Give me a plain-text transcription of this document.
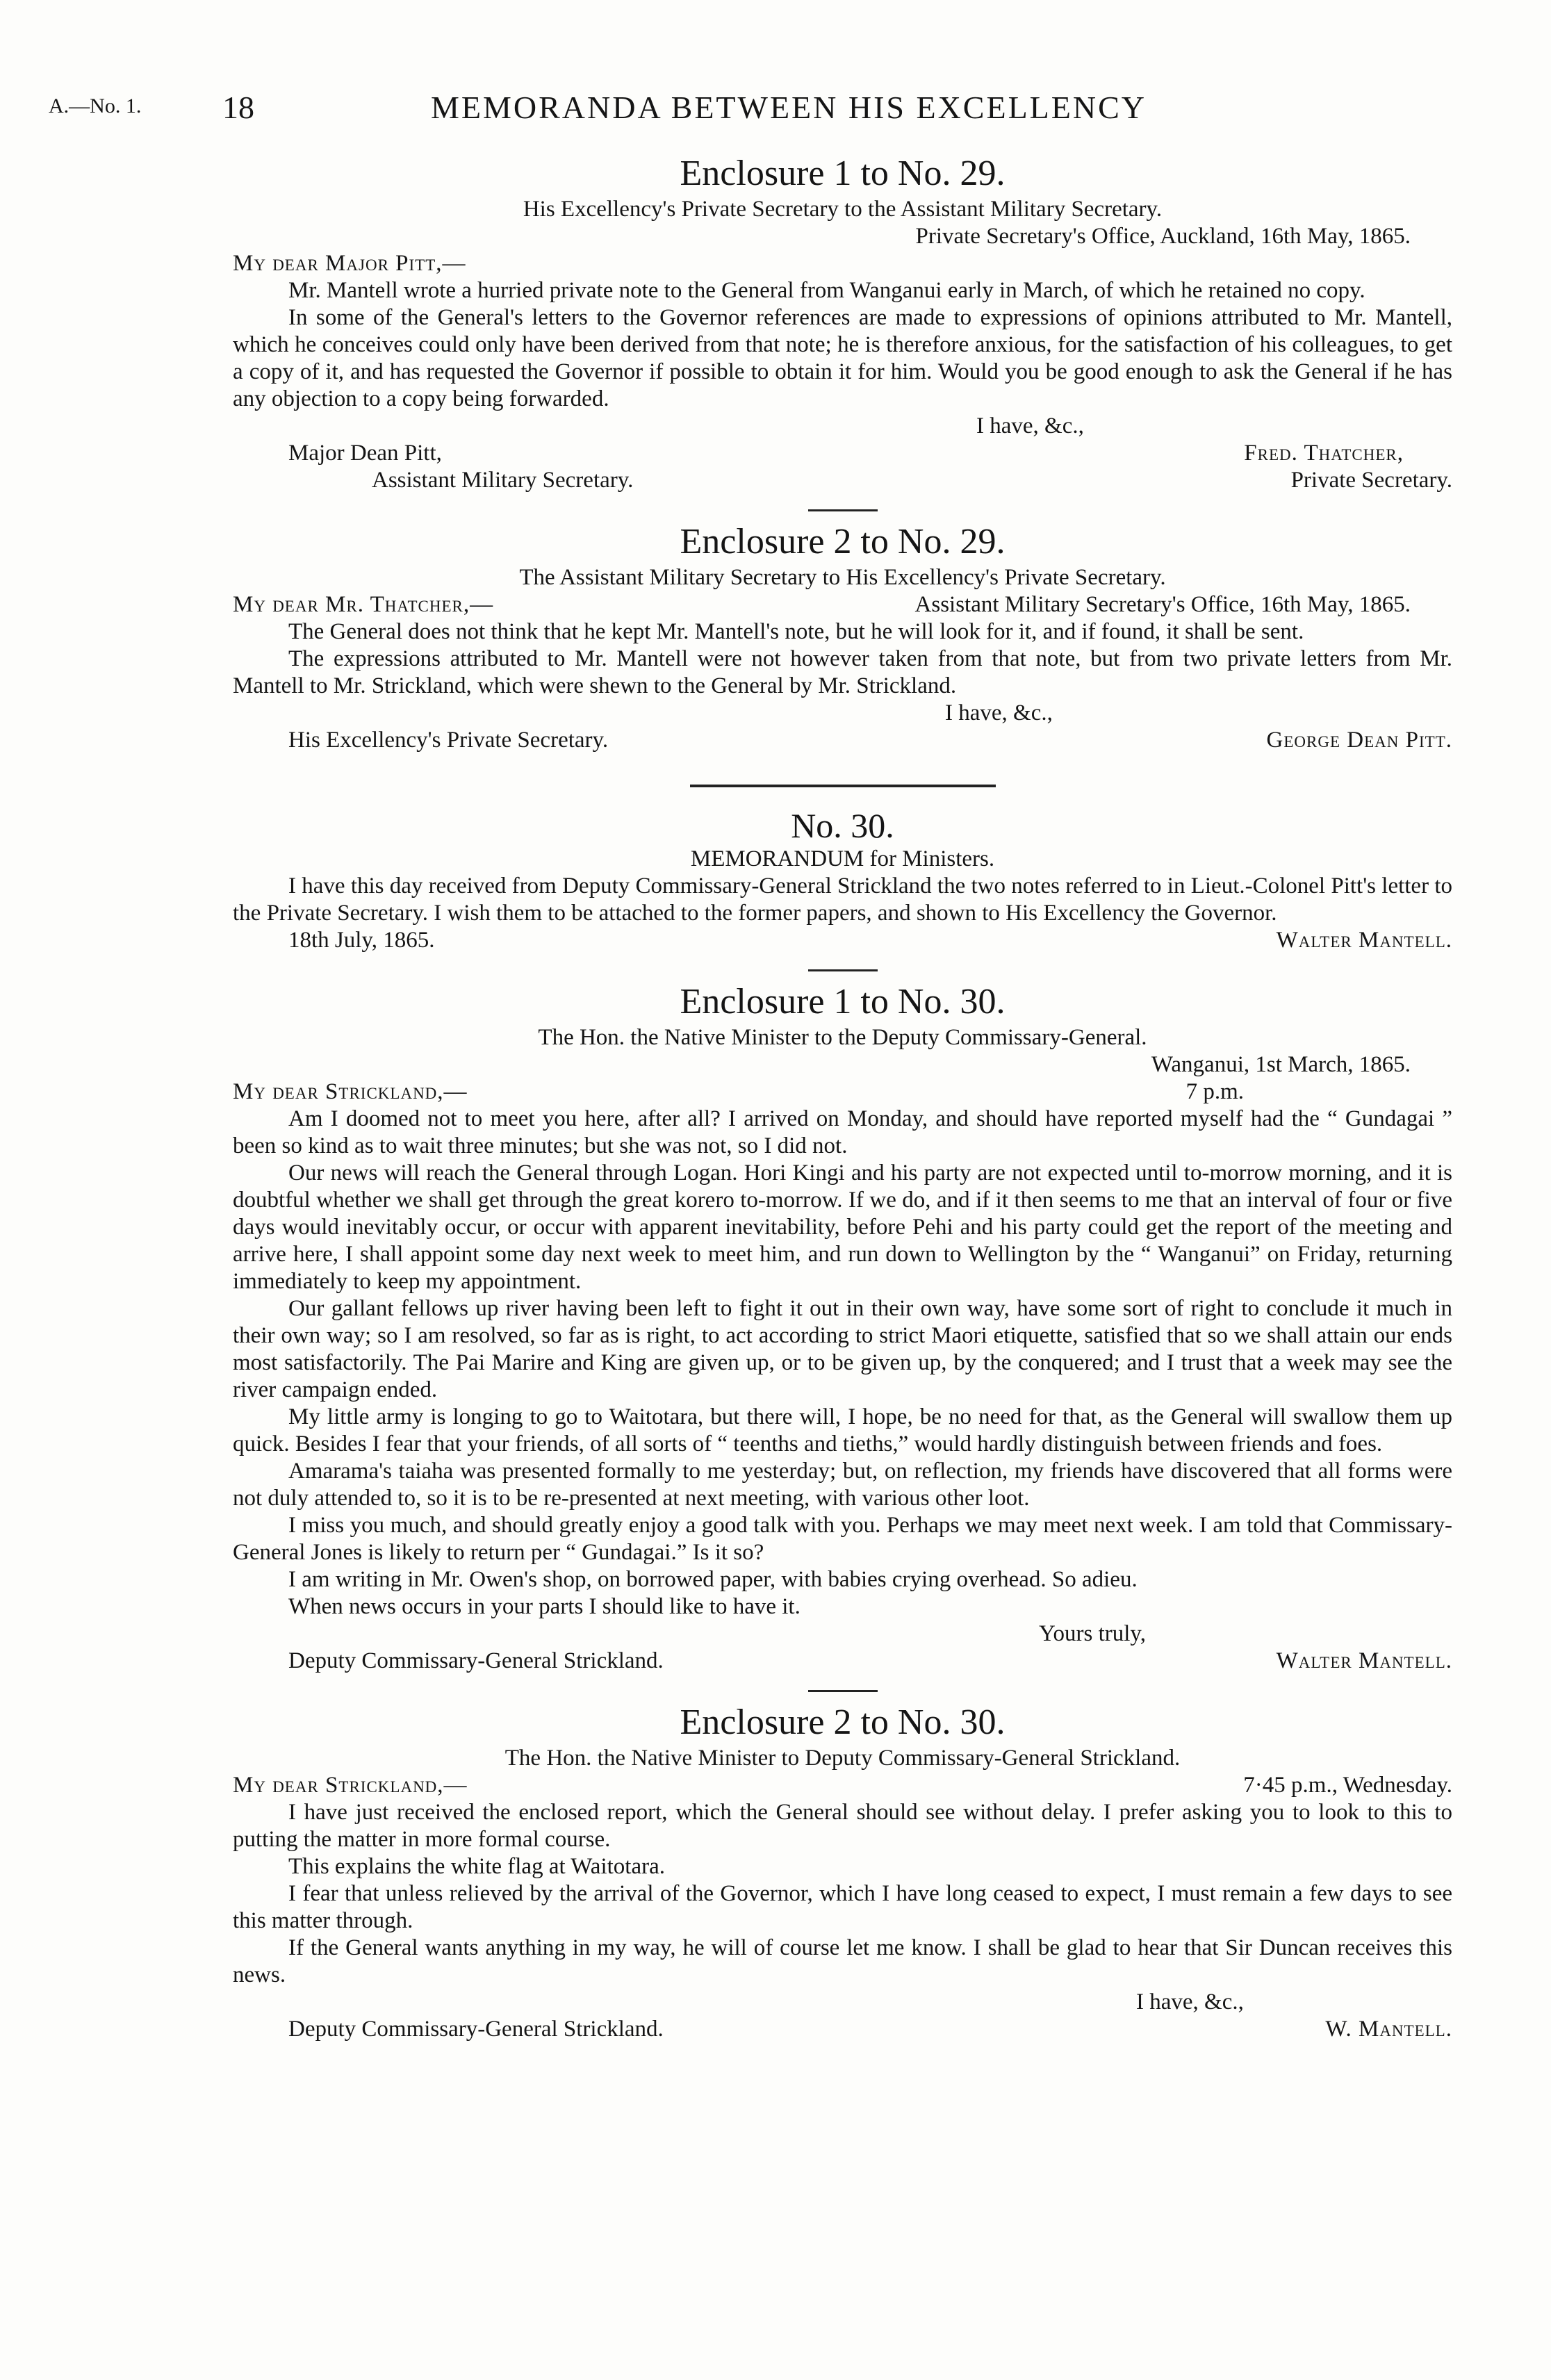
A.—No. 1.	18	MEMORANDA BETWEEN HIS EXCELLENCY
Enclosure 1 to No. 29.
His Excellency's Private Secretary to the Assistant Military Secretary.

Private Secretary's Office, Auckland, 16th May, 1865.

My dear Major Pitt,—

Mr. Mantell wrote a hurried private note to the General from Wanganui early in March, of which he retained no copy.

In some of the General's letters to the Governor references are made to expressions of opinions attributed to Mr. Mantell, which he conceives could only have been derived from that note; he is therefore anxious, for the satisfaction of his colleagues, to get a copy of it, and has requested the Governor if possible to obtain it for him. Would you be good enough to ask the General if he has any objection to a copy being forwarded.

I have, &c.,
Major Dean Pitt,	Fred. Thatcher,
Assistant Military Secretary.	Private Secretary.
Enclosure 2 to No. 29.
The Assistant Military Secretary to His Excellency's Private Secretary.
My dear Mr. Thatcher,—	Assistant Military Secretary's Office, 16th May, 1865.

The General does not think that he kept Mr. Mantell's note, but he will look for it, and if found, it shall be sent.

The expressions attributed to Mr. Mantell were not however taken from that note, but from two private letters from Mr. Mantell to Mr. Strickland, which were shewn to the General by Mr. Strickland.

I have, &c.,
His Excellency's Private Secretary.	George Dean Pitt.
No. 30.
MEMORANDUM for Ministers.

I have this day received from Deputy Commissary-General Strickland the two notes referred to in Lieut.-Colonel Pitt's letter to the Private Secretary. I wish them to be attached to the former papers, and shown to His Excellency the Governor.

18th July, 1865.	Walter Mantell.
Enclosure 1 to No. 30.
The Hon. the Native Minister to the Deputy Commissary-General.

Wanganui, 1st March, 1865.

My dear Strickland,—	7 p.m.

Am I doomed not to meet you here, after all? I arrived on Monday, and should have reported myself had the “ Gundagai ” been so kind as to wait three minutes; but she was not, so I did not.

Our news will reach the General through Logan. Hori Kingi and his party are not expected until to-morrow morning, and it is doubtful whether we shall get through the great korero to-morrow. If we do, and if it then seems to me that an interval of four or five days would inevitably occur, or occur with apparent inevitability, before Pehi and his party could get the report of the meeting and arrive here, I shall appoint some day next week to meet him, and run down to Wellington by the “ Wanganui” on Friday, returning immediately to keep my appointment.

Our gallant fellows up river having been left to fight it out in their own way, have some sort of right to conclude it much in their own way; so I am resolved, so far as is right, to act according to strict Maori etiquette, satisfied that so we shall attain our ends most satisfactorily. The Pai Marire and King are given up, or to be given up, by the conquered; and I trust that a week may see the river campaign ended.

My little army is longing to go to Waitotara, but there will, I hope, be no need for that, as the General will swallow them up quick. Besides I fear that your friends, of all sorts of “ teenths and tieths,” would hardly distinguish between friends and foes.

Amarama's taiaha was presented formally to me yesterday; but, on reflection, my friends have discovered that all forms were not duly attended to, so it is to be re-presented at next meeting, with various other loot.

I miss you much, and should greatly enjoy a good talk with you. Perhaps we may meet next week. I am told that Commissary-General Jones is likely to return per “ Gundagai.” Is it so?

I am writing in Mr. Owen's shop, on borrowed paper, with babies crying overhead. So adieu.

When news occurs in your parts I should like to have it.

Yours truly,
Deputy Commissary-General Strickland.	Walter Mantell.
Enclosure 2 to No. 30.
The Hon. the Native Minister to Deputy Commissary-General Strickland.
My dear Strickland,—	7·45 p.m., Wednesday.

I have just received the enclosed report, which the General should see without delay. I prefer asking you to look to this to putting the matter in more formal course.

This explains the white flag at Waitotara.

I fear that unless relieved by the arrival of the Governor, which I have long ceased to expect, I must remain a few days to see this matter through.

If the General wants anything in my way, he will of course let me know. I shall be glad to hear that Sir Duncan receives this news.

I have, &c.,
Deputy Commissary-General Strickland.	W. Mantell.
